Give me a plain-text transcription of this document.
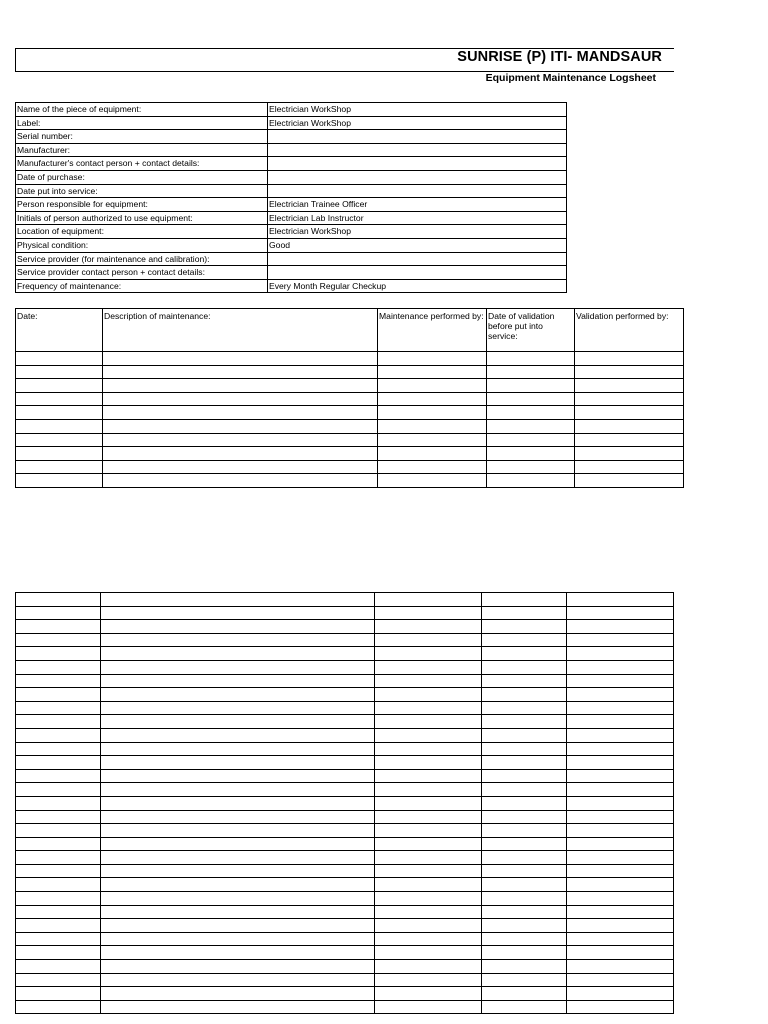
SUNRISE (P) ITI- MANDSAUR
Equipment Maintenance Logsheet
Name of the piece of equipment:	Electrician WorkShop
Label:	Electrician WorkShop
Serial number:	
Manufacturer:	
Manufacturer's contact person + contact details:	
Date of purchase:	
Date put into service:	
Person responsible for equipment:	Electrician Trainee Officer
Initials of person authorized to use equipment:	Electrician Lab Instructor
Location of equipment:	Electrician WorkShop
Physical condition:	Good
Service provider (for maintenance and calibration):	
Service provider contact person + contact details:	
Frequency of maintenance:	Every Month Regular Checkup
Date:	Description of maintenance:	Maintenance performed by:	Date of validation before put into service:	Validation performed by:
